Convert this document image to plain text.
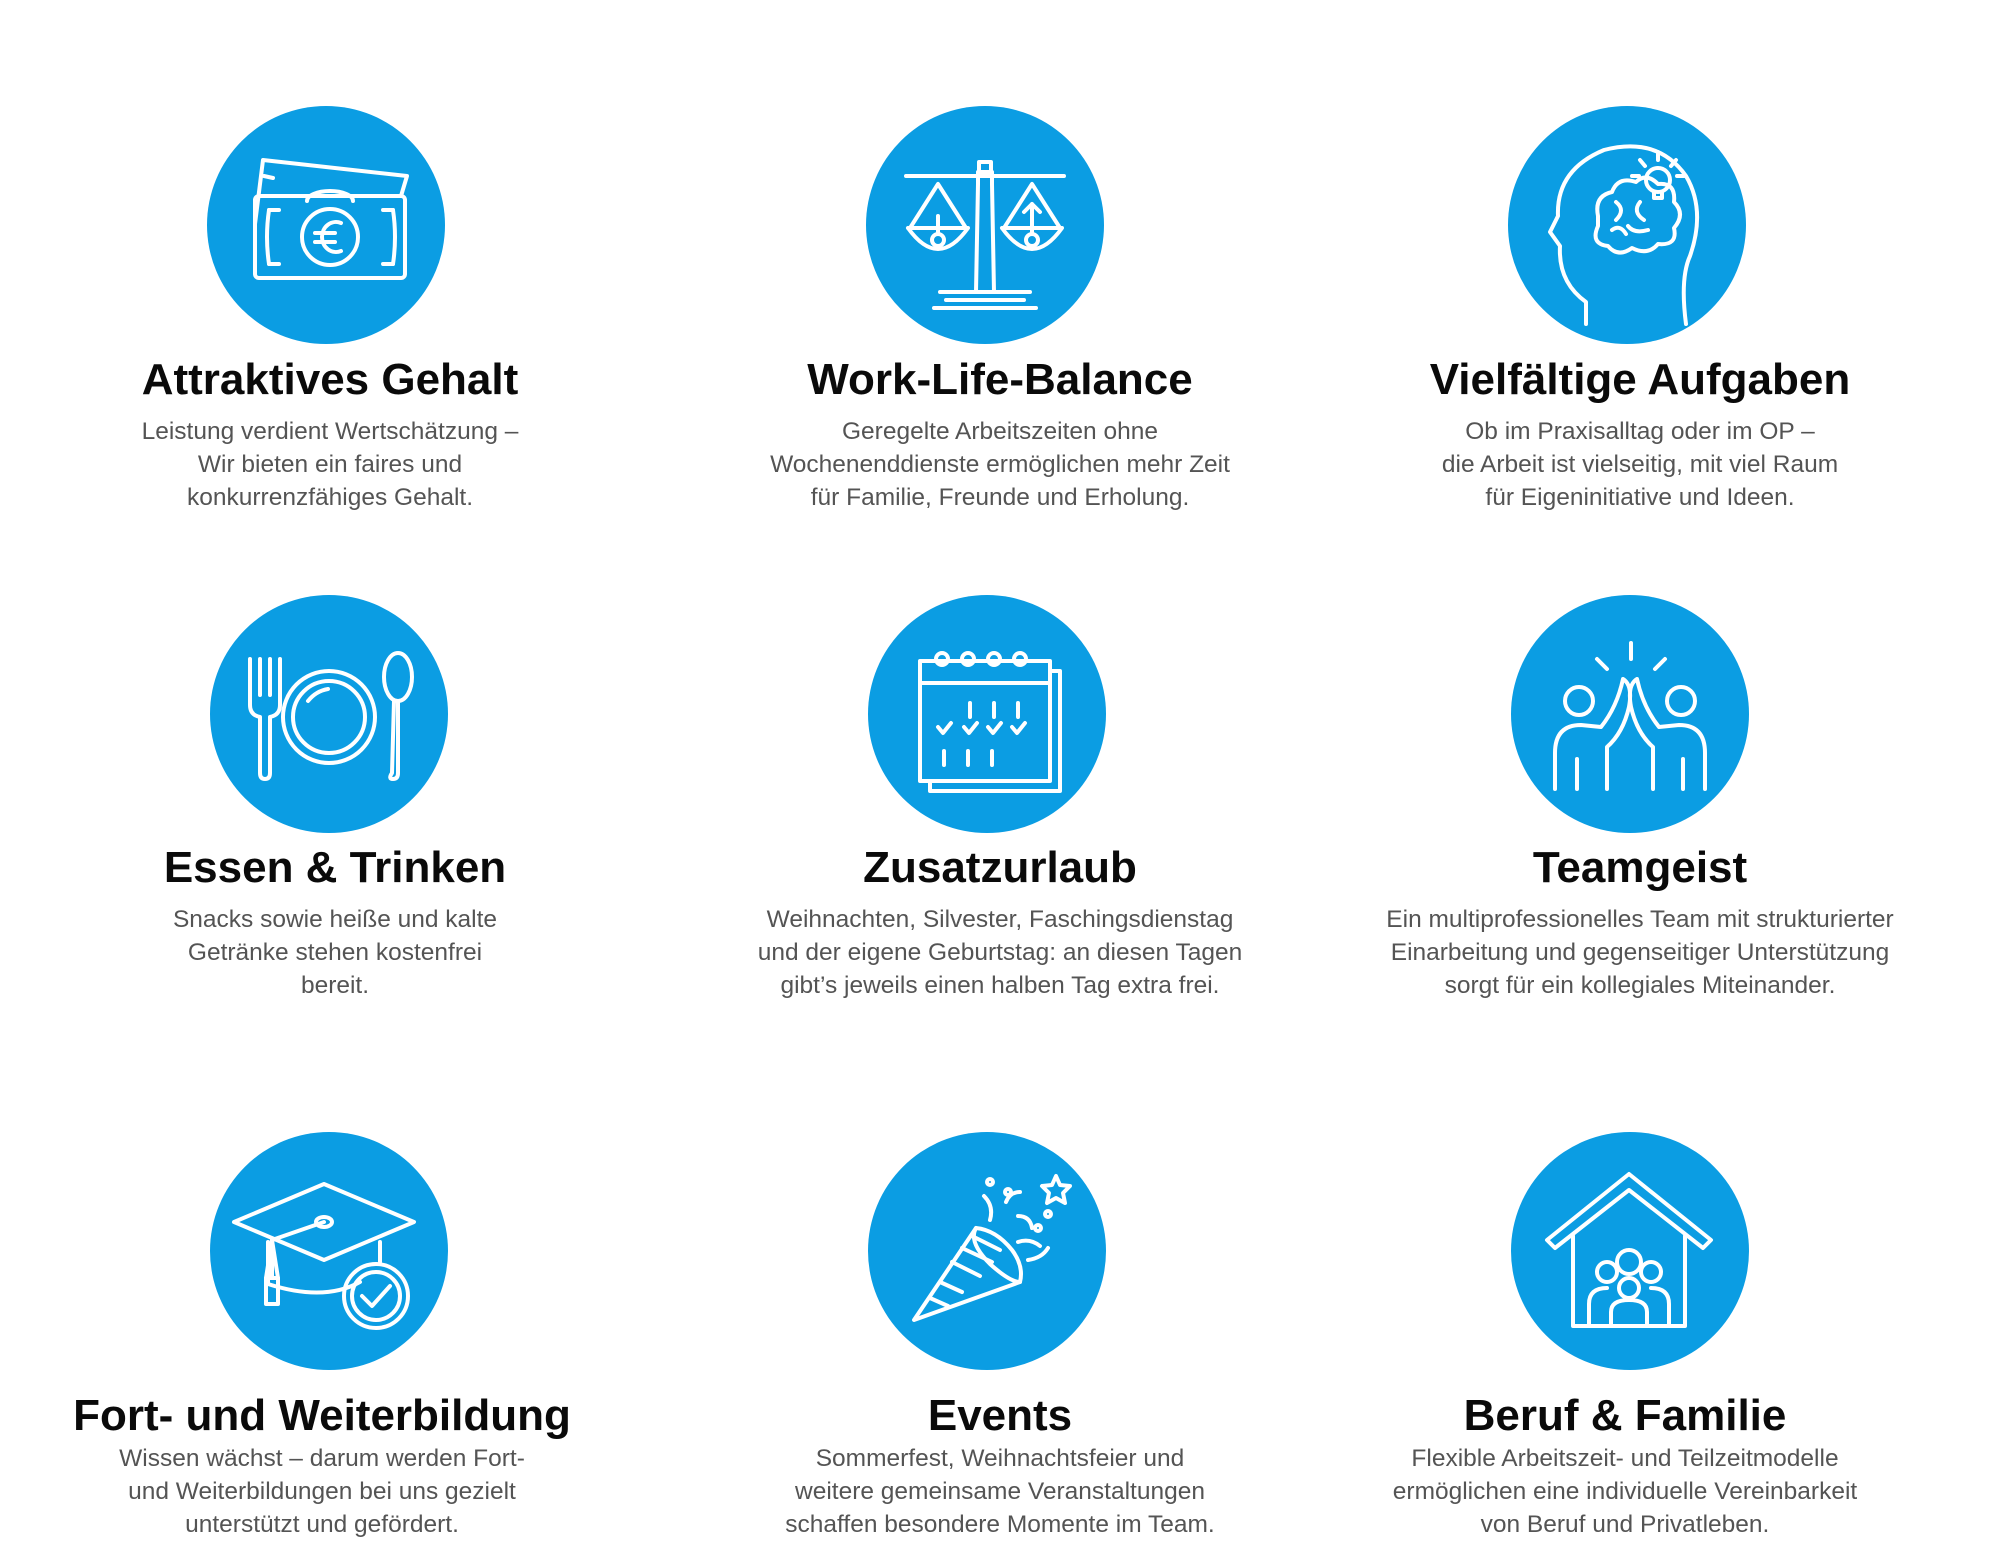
Attraktives Gehalt
Leistung verdient Wertschätzung –
Wir bieten ein faires und
konkurrenzfähiges Gehalt.
Work-Life-Balance
Geregelte Arbeitszeiten ohne
Wochenenddienste ermöglichen mehr Zeit
für Familie, Freunde und Erholung.
Vielfältige Aufgaben
Ob im Praxisalltag oder im OP –
die Arbeit ist vielseitig, mit viel Raum
für Eigeninitiative und Ideen.
Essen & Trinken
Snacks sowie heiße und kalte
Getränke stehen kostenfrei
bereit.
Zusatzurlaub
Weihnachten, Silvester, Faschingsdienstag
und der eigene Geburtstag: an diesen Tagen
gibt’s jeweils einen halben Tag extra frei.
Teamgeist
Ein multiprofessionelles Team mit strukturierter
Einarbeitung und gegenseitiger Unterstützung
sorgt für ein kollegiales Miteinander.
Fort- und Weiterbildung
Wissen wächst – darum werden Fort-
und Weiterbildungen bei uns gezielt
unterstützt und gefördert.
Events
Sommerfest, Weihnachtsfeier und
weitere gemeinsame Veranstaltungen
schaffen besondere Momente im Team.
Beruf & Familie
Flexible Arbeitszeit- und Teilzeitmodelle
ermöglichen eine individuelle Vereinbarkeit
von Beruf und Privatleben.
